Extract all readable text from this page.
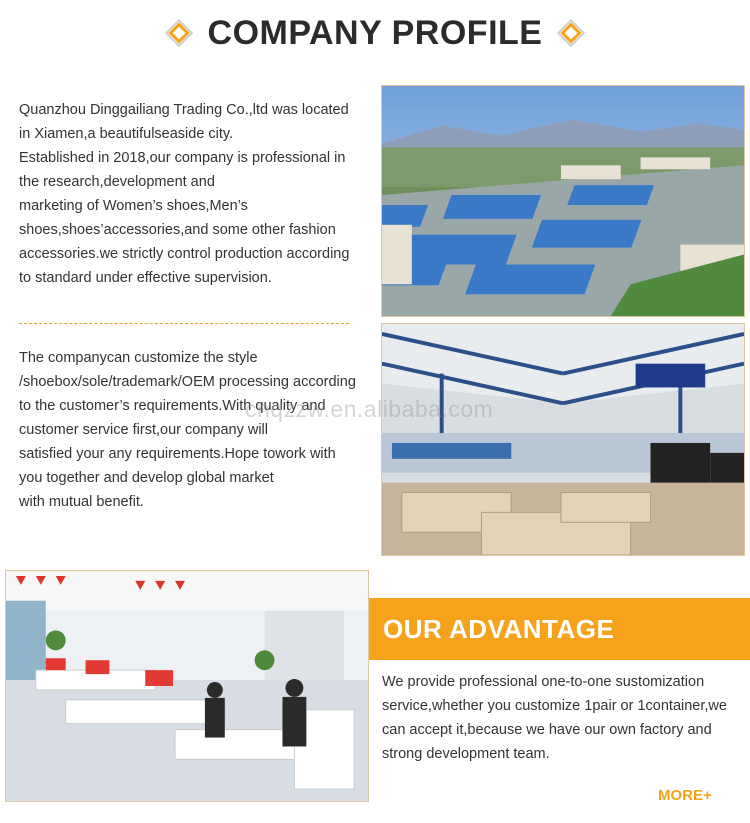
COMPANY PROFILE
Quanzhou Dinggailiang Trading Co.,ltd was located
in Xiamen,a beautifulseaside city.
Established in 2018,our company is professional in
the research,development and
marketing of Women’s shoes,Men’s
shoes,shoes’accessories,and some other fashion
accessories.we strictly control production according
to standard under effective supervision.
The companycan customize the style
/shoebox/sole/trademark/OEM processing according
to the customer’s requirements.With quality and
customer service first,our company will
satisfied your any requirements.Hope towork with
you together and develop global market
with mutual benefit.
cnqzzw.en.alibaba.com
OUR ADVANTAGE
We provide professional one-to-one sustomization service,whether you customize 1pair or 1container,we can accept it,because we have our own factory and strong development team.
MORE+
